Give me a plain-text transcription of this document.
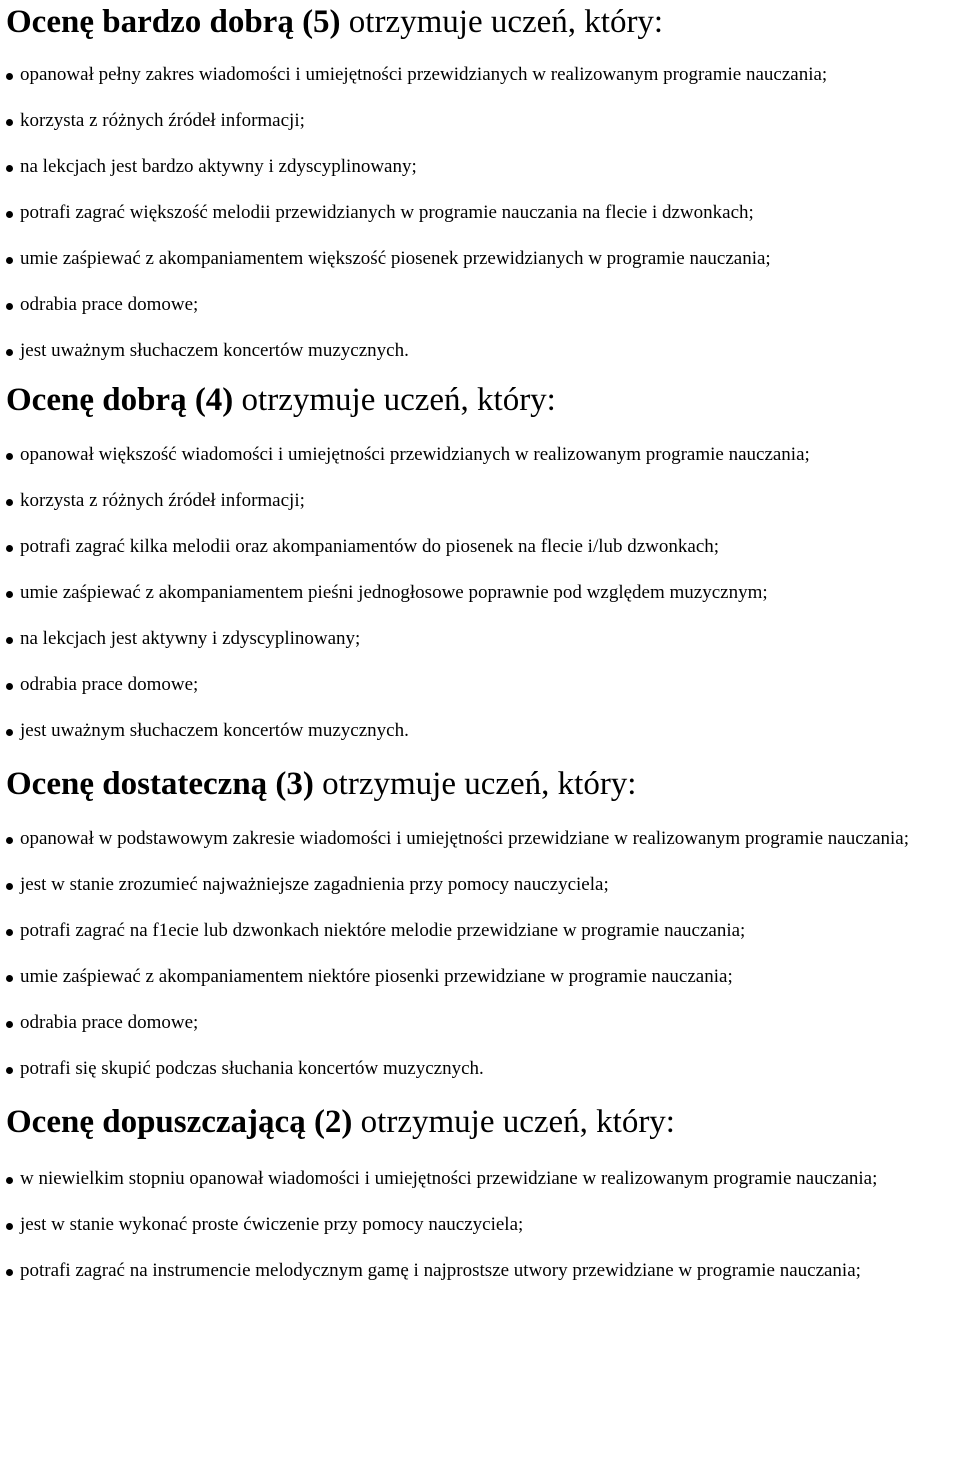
Ocenę bardzo dobrą (5) otrzymuje uczeń, który:
opanował pełny zakres wiadomości i umiejętności przewidzianych w realizowanym programie nauczania;
korzysta z różnych źródeł informacji;
na lekcjach jest bardzo aktywny i zdyscyplinowany;
potrafi zagrać większość melodii przewidzianych w programie nauczania na flecie i dzwonkach;
umie zaśpiewać z akompaniamentem większość piosenek przewidzianych w programie nauczania;
odrabia prace domowe;
jest uważnym słuchaczem koncertów muzycznych.
Ocenę dobrą (4) otrzymuje uczeń, który:
opanował większość wiadomości i umiejętności przewidzianych w realizowanym programie nauczania;
korzysta z różnych źródeł informacji;
potrafi zagrać kilka melodii oraz akompaniamentów do piosenek na flecie i/lub dzwonkach;
umie zaśpiewać z akompaniamentem pieśni jednogłosowe poprawnie pod względem muzycznym;
na lekcjach jest aktywny i zdyscyplinowany;
odrabia prace domowe;
jest uważnym słuchaczem koncertów muzycznych.
Ocenę dostateczną (3) otrzymuje uczeń, który:
opanował w podstawowym zakresie wiadomości i umiejętności przewidziane w realizowanym programie nauczania;
jest w stanie zrozumieć najważniejsze zagadnienia przy pomocy nauczyciela;
potrafi zagrać na f1ecie lub dzwonkach niektóre melodie przewidziane w programie nauczania;
umie zaśpiewać z akompaniamentem niektóre piosenki przewidziane w programie nauczania;
odrabia prace domowe;
potrafi się skupić podczas słuchania koncertów muzycznych.
Ocenę dopuszczającą (2) otrzymuje uczeń, który:
w niewielkim stopniu opanował wiadomości i umiejętności przewidziane w realizowanym programie nauczania;
jest w stanie wykonać proste ćwiczenie przy pomocy nauczyciela;
potrafi zagrać na instrumencie melodycznym gamę i najprostsze utwory przewidziane w programie nauczania;
